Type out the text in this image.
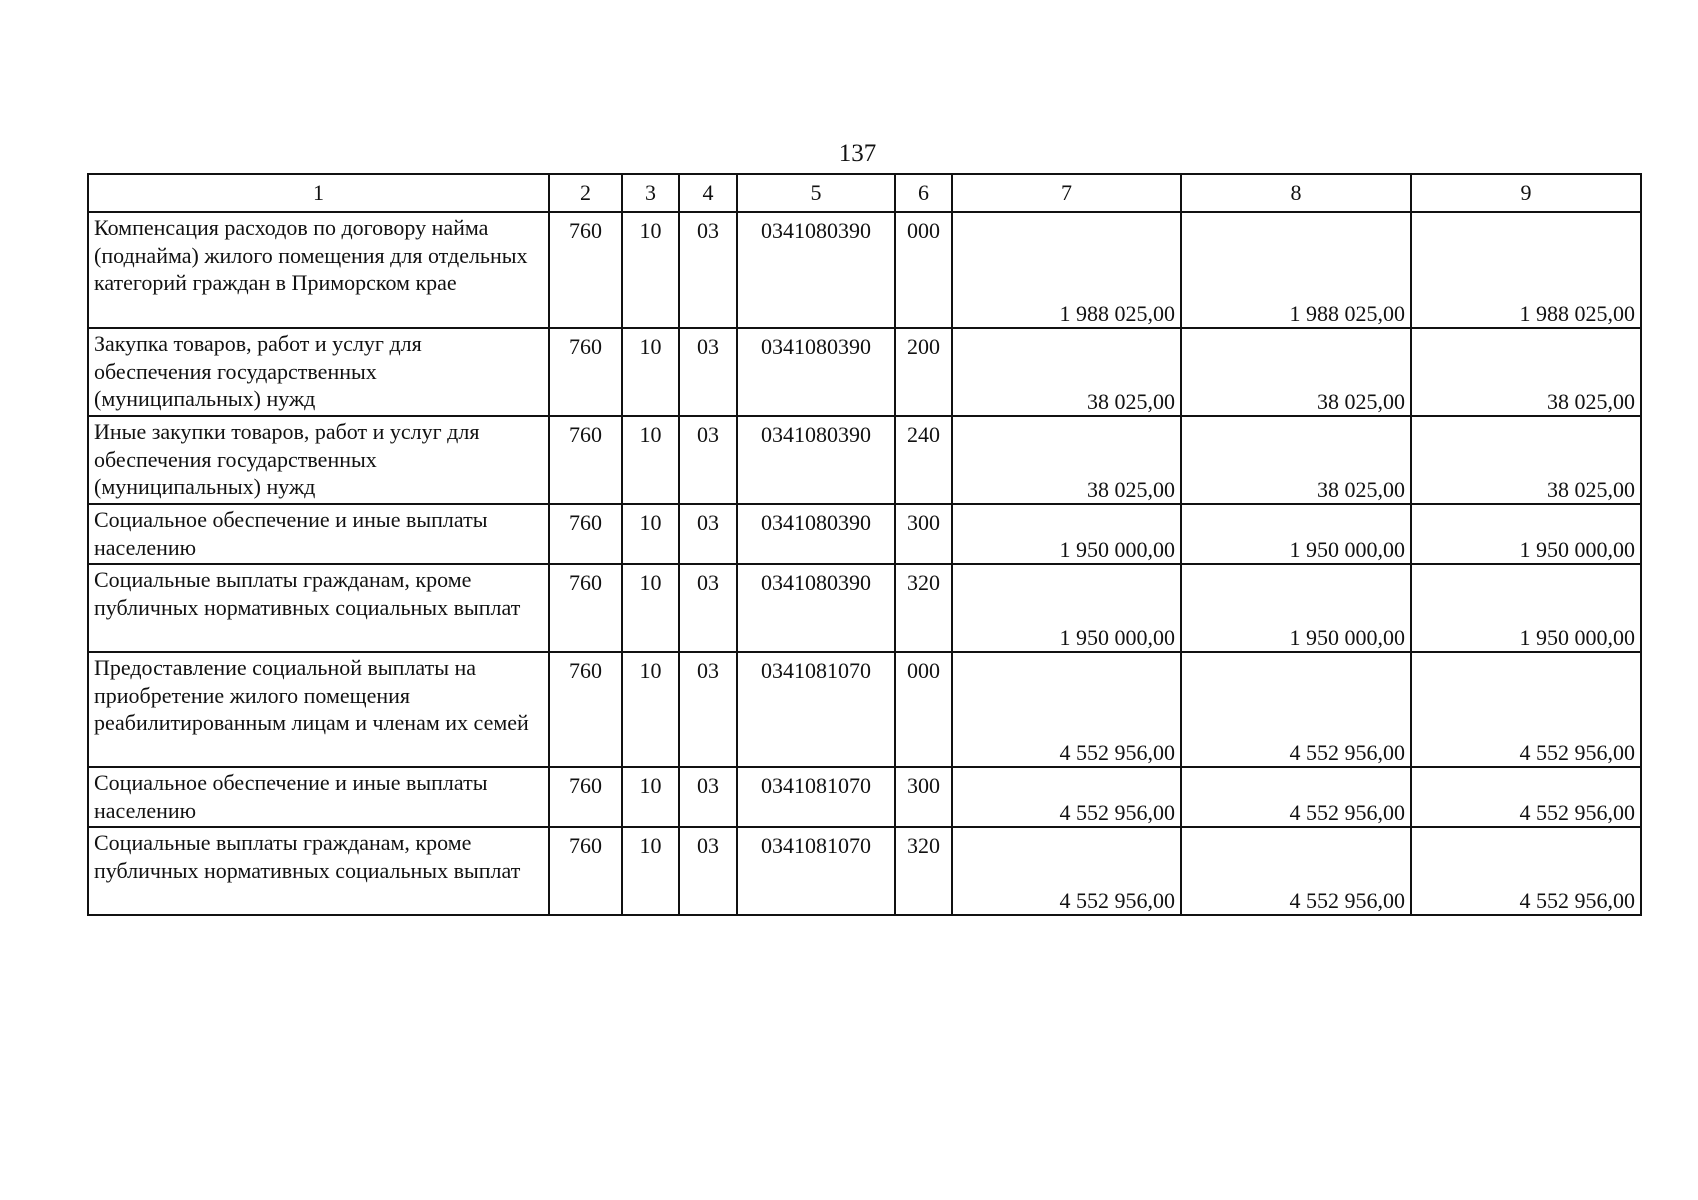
137
1	2	3	4	5	6	7	8	9
Компенсация расходов по договору найма (поднайма) жилого помещения для отдельных категорий граждан в Приморском крае	760	10	03	0341080390	000	1 988 025,00	1 988 025,00	1 988 025,00
Закупка товаров, работ и услуг для обеспечения государственных (муниципальных) нужд	760	10	03	0341080390	200	38 025,00	38 025,00	38 025,00
Иные закупки товаров, работ и услуг для обеспечения государственных (муниципальных) нужд	760	10	03	0341080390	240	38 025,00	38 025,00	38 025,00
Социальное обеспечение и иные выплаты населению	760	10	03	0341080390	300	1 950 000,00	1 950 000,00	1 950 000,00
Социальные выплаты гражданам, кроме публичных нормативных социальных выплат	760	10	03	0341080390	320	1 950 000,00	1 950 000,00	1 950 000,00
Предоставление социальной выплаты на приобретение жилого помещения реабилитированным лицам и членам их семей	760	10	03	0341081070	000	4 552 956,00	4 552 956,00	4 552 956,00
Социальное обеспечение и иные выплаты населению	760	10	03	0341081070	300	4 552 956,00	4 552 956,00	4 552 956,00
Социальные выплаты гражданам, кроме публичных нормативных социальных выплат	760	10	03	0341081070	320	4 552 956,00	4 552 956,00	4 552 956,00
